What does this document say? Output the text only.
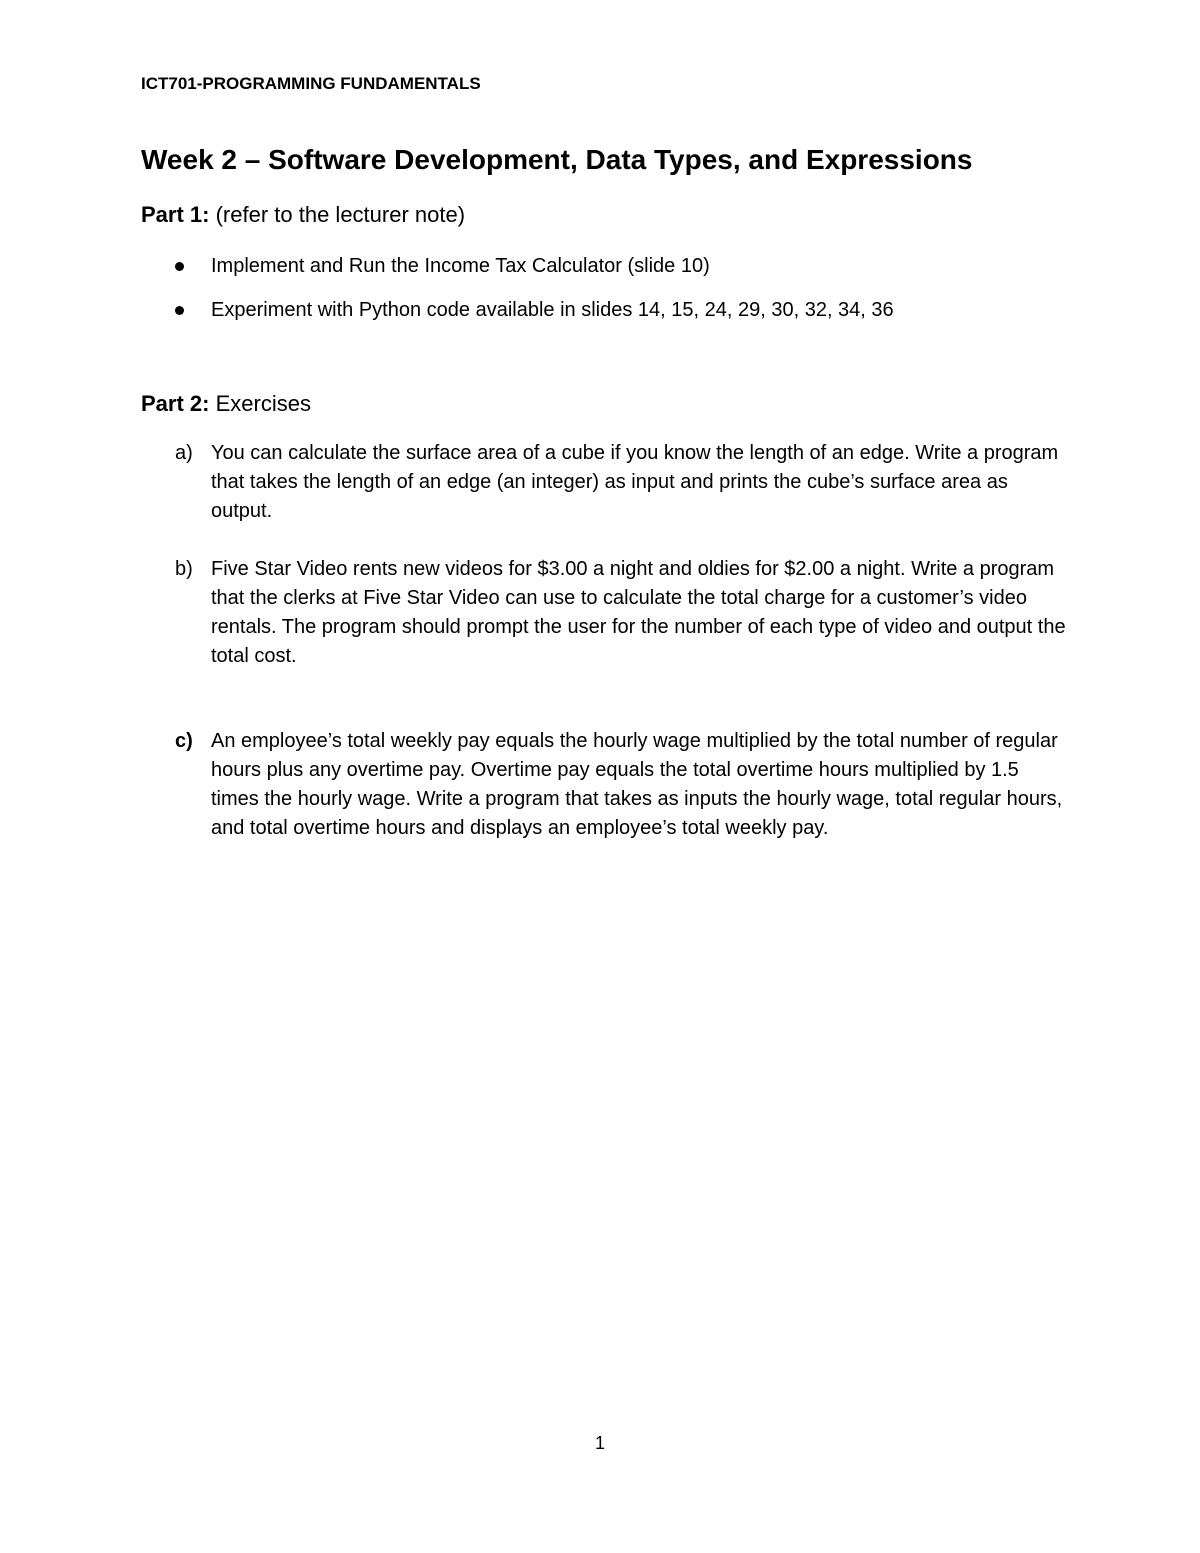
ICT701-PROGRAMMING FUNDAMENTALS
Week 2 – Software Development, Data Types, and Expressions
Part 1: (refer to the lecturer note)
Implement and Run the Income Tax Calculator (slide 10)
Experiment with Python code available in slides 14, 15, 24, 29, 30, 32, 34, 36
Part 2: Exercises
a) You can calculate the surface area of a cube if you know the length of an edge. Write a program that takes the length of an edge (an integer) as input and prints the cube’s surface area as output.
b) Five Star Video rents new videos for $3.00 a night and oldies for $2.00 a night. Write a program that the clerks at Five Star Video can use to calculate the total charge for a customer’s video rentals. The program should prompt the user for the number of each type of video and output the total cost.
c) An employee’s total weekly pay equals the hourly wage multiplied by the total number of regular hours plus any overtime pay. Overtime pay equals the total overtime hours multiplied by 1.5 times the hourly wage. Write a program that takes as inputs the hourly wage, total regular hours, and total overtime hours and displays an employee’s total weekly pay.
1
